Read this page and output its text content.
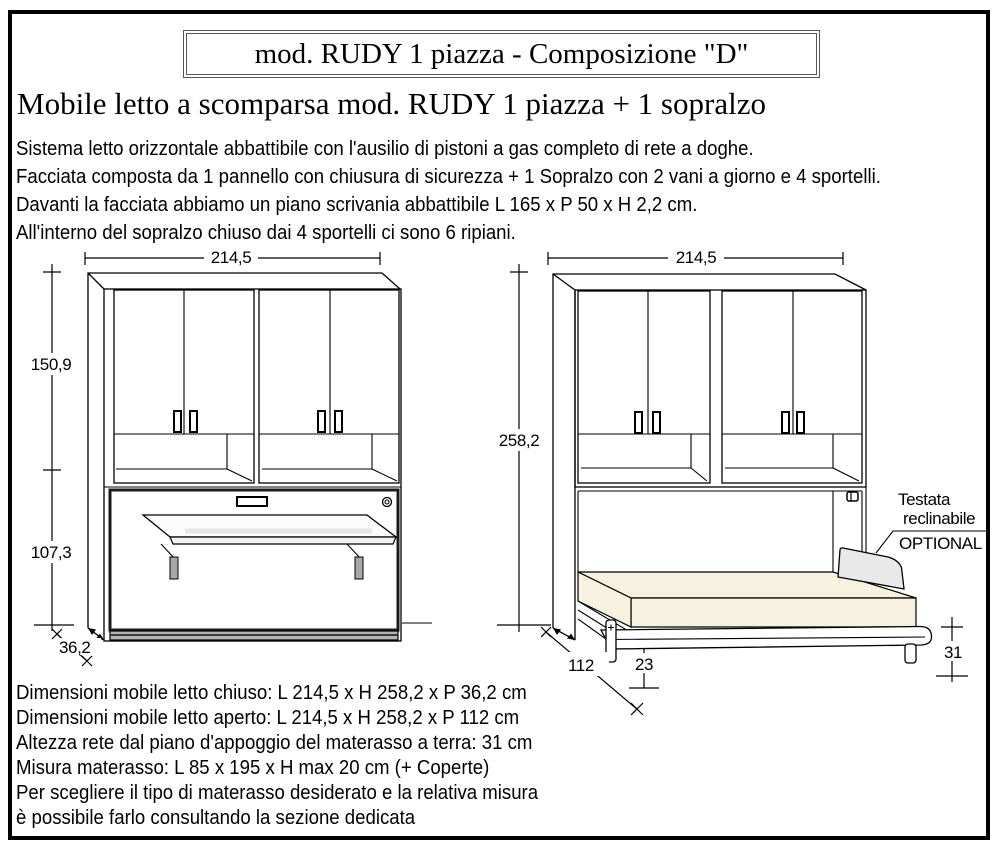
mod. RUDY 1 piazza - Composizione "D"
Mobile letto a scomparsa mod. RUDY 1 piazza + 1 sopralzo
Sistema letto orizzontale abbattibile con l'ausilio di pistoni a gas completo di rete a doghe.
Facciata composta da 1 pannello con chiusura di sicurezza + 1 Sopralzo con 2 vani a giorno e 4 sportelli.
Davanti la facciata abbiamo un piano scrivania abbattibile L 165 x P 50 x H 2,2 cm.
All'interno del sopralzo chiuso dai 4 sportelli ci sono 6 ripiani.
214,5
150,9
107,3
36,2
214,5
258,2
Testata
reclinabile
OPTIONAL
112 23
31
Dimensioni mobile letto chiuso: L 214,5 x H 258,2 x P 36,2 cm
Dimensioni mobile letto aperto: L 214,5 x H 258,2 x P 112 cm
Altezza rete dal piano d'appoggio del materasso a terra: 31 cm
Misura materasso: L 85 x 195 x H max 20 cm (+ Coperte)
Per scegliere il tipo di materasso desiderato e la relativa misura
è possibile farlo consultando la sezione dedicata
